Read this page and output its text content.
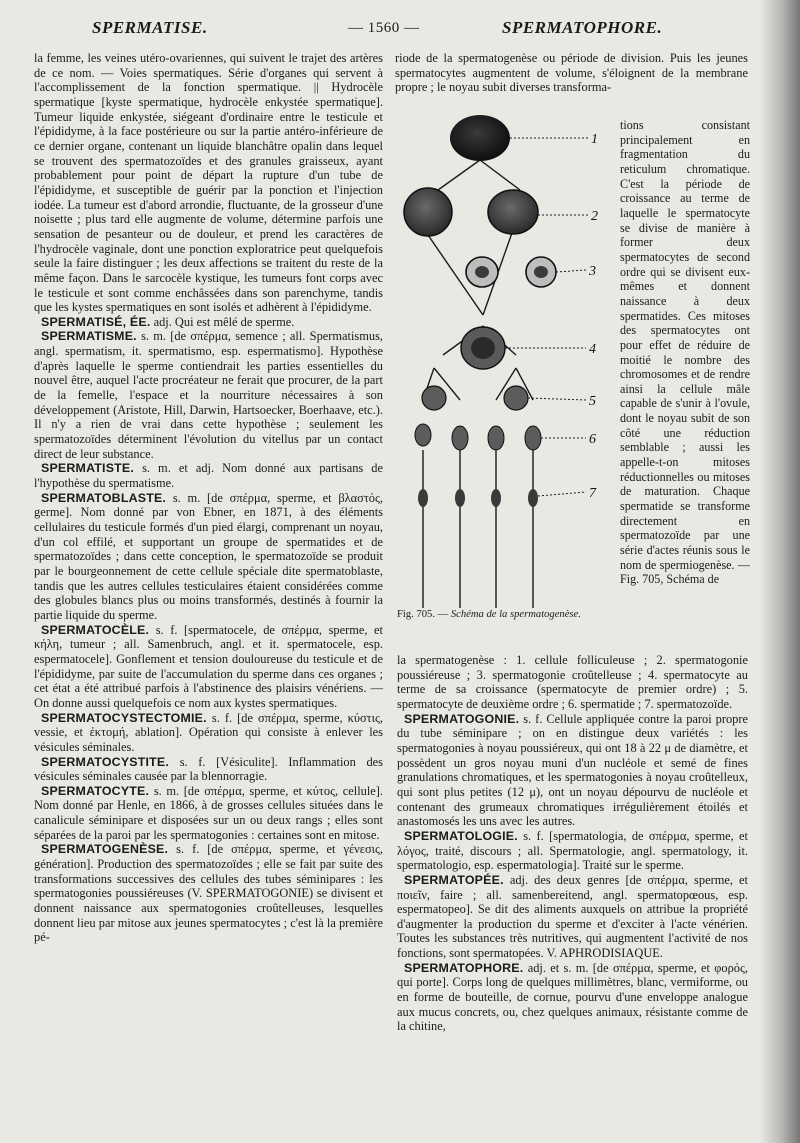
SPERMATISE.	— 1560 —	SPERMATOPHORE.

la femme, les veines utéro-ovariennes, qui suivent le trajet des artères de ce nom. — Voies spermatiques. Série d'organes qui servent à l'accomplissement de la fonction spermatique. || Hydrocèle spermatique [kyste spermatique, hydrocèle enkystée spermatique]. Tumeur liquide enkystée, siégeant d'ordinaire entre le testicule et l'épididyme, à la face postérieure ou sur la partie antéro-inférieure de ce dernier organe, contenant un liquide blanchâtre opalin dans lequel se trouvent des spermatozoïdes et des granules graisseux, ayant probablement pour point de départ la rupture d'un tube de l'épididyme, et susceptible de guérir par la ponction et l'injection iodée. La tumeur est d'abord arrondie, fluctuante, de la grosseur d'une noisette ; plus tard elle augmente de volume, détermine parfois une sensation de pesanteur ou de douleur, et prend les caractères de l'hydrocèle vaginale, dont une ponction exploratrice peut quelquefois seule la faire distinguer ; les deux affections se traitent du reste de la même façon. Dans le sarcocèle kystique, les tumeurs font corps avec le testicule et sont comme enchâssées dans son parenchyme, tandis que les kystes spermatiques en sont isolés et adhèrent à l'épididyme.

SPERMATISÉ, ÉE. adj. Qui est mêlé de sperme.

SPERMATISME. s. m. [de σπέρμα, semence ; all. Spermatismus, angl. spermatism, it. spermatismo, esp. espermatismo]. Hypothèse d'après laquelle le sperme contiendrait les parties essentielles du nouvel être, auquel l'acte procréateur ne ferait que procurer, de la part de la femelle, l'espace et la nourriture nécessaires à son développement (Aristote, Hill, Darwin, Hartsoecker, Boerhaave, etc.). Il n'y a rien de vrai dans cette hypothèse ; seulement les spermatozoïdes déterminent l'évolution du vitellus par un contact direct de leur substance.

SPERMATISTE. s. m. et adj. Nom donné aux partisans de l'hypothèse du spermatisme.

SPERMATOBLASTE. s. m. [de σπέρμα, sperme, et βλαστός, germe]. Nom donné par von Ebner, en 1871, à des éléments cellulaires du testicule formés d'un pied élargi, comprenant un noyau, d'un col effilé, et supportant un groupe de spermatides et de spermatozoïdes ; dans cette conception, le spermatozoïde se produit par le bourgeonnement de cette cellule spéciale dite spermatoblaste, tandis que les autres cellules testiculaires étaient considérées comme des globules blancs plus ou moins transformés, destinés à fournir la partie liquide du sperme.

SPERMATOCÈLE. s. f. [spermatocele, de σπέρμα, sperme, et κήλη, tumeur ; all. Samenbruch, angl. et it. spermatocele, esp. espermatocele]. Gonflement et tension douloureuse du testicule et de l'épididyme, par suite de l'accumulation du sperme dans ces organes ; cet état a été attribué parfois à l'abstinence des plaisirs vénériens. — On donne aussi quelquefois ce nom aux kystes spermatiques.

SPERMATOCYSTECTOMIE. s. f. [de σπέρμα, sperme, κύστις, vessie, et ἐκτομή, ablation]. Opération qui consiste à enlever les vésicules séminales.

SPERMATOCYSTITE. s. f. [Vésiculite]. Inflammation des vésicules séminales causée par la blennorragie.

SPERMATOCYTE. s. m. [de σπέρμα, sperme, et κύτος, cellule]. Nom donné par Henle, en 1866, à de grosses cellules situées dans le canalicule séminipare et disposées sur un ou deux rangs ; elles sont séparées de la paroi par les spermatogonies : certaines sont en mitose.

SPERMATOGENÈSE. s. f. [de σπέρμα, sperme, et γένεσις, génération]. Production des spermatozoïdes ; elle se fait par suite des transformations successives des cellules des tubes séminipares : les spermatogonies poussiéreuses (V. SPERMATOGONIE) se divisent et donnent naissance aux spermatogonies croûtelleuses, lesquelles donnent lieu par mitose aux jeunes spermatocytes ; c'est là la première pé-

riode de la spermatogenèse ou période de division. Puis les jeunes spermatocytes augmentent de volume, s'éloignent de la membrane propre ; le noyau subit diverses transforma-

tions consistant principalement en fragmentation du reticulum chromatique. C'est la période de croissance au terme de laquelle le spermatocyte se divise de manière à former deux spermatocytes de second ordre qui se divisent eux-mêmes et donnent naissance à deux spermatides. Ces mitoses des spermatocytes ont pour effet de réduire de moitié le nombre des chromosomes et de rendre ainsi la cellule mâle capable de s'unir à l'ovule, dont le noyau subit de son côté une réduction semblable ; aussi les appelle-t-on mitoses réductionnelles ou mitoses de maturation. Chaque spermatide se transforme directement en spermatozoïde par une série d'actes réunis sous le nom de spermiogenèse. — Fig. 705, Schéma de

1
2
3
4
5
6
7
Fig. 705. — Schéma de la spermatogenèse.

la spermatogenèse : 1. cellule folliculeuse ; 2. spermatogonie poussiéreuse ; 3. spermatogonie croûtelleuse ; 4. spermatocyte au terme de sa croissance (spermatocyte de premier ordre) ; 5. spermatocyte de deuxième ordre ; 6. spermatide ; 7. spermatozoïde.

SPERMATOGONIE. s. f. Cellule appliquée contre la paroi propre du tube séminipare ; on en distingue deux variétés : les spermatogonies à noyau poussiéreux, qui ont 18 à 22 μ de diamètre, et possèdent un gros noyau muni d'un nucléole et semé de fines granulations chromatiques, et les spermatogonies à noyau croûtelleux, qui sont plus petites (12 μ), ont un noyau dépourvu de nucléole et contenant des grumeaux chromatiques irrégulièrement étoilés et anastomosés les uns avec les autres.

SPERMATOLOGIE. s. f. [spermatologia, de σπέρμα, sperme, et λόγος, traité, discours ; all. Spermatologie, angl. spermatology, it. spermatologio, esp. espermatologia]. Traité sur le sperme.

SPERMATOPÉE. adj. des deux genres [de σπέρμα, sperme, et ποιεῖν, faire ; all. samenbereitend, angl. spermatopœous, esp. espermatopeo]. Se dit des aliments auxquels on attribue la propriété d'augmenter la production du sperme et d'exciter à l'acte vénérien. Toutes les substances très nutritives, qui augmentent l'activité de nos fonctions, sont spermatopées. V. APHRODISIAQUE.

SPERMATOPHORE. adj. et s. m. [de σπέρμα, sperme, et φορός, qui porte]. Corps long de quelques millimètres, blanc, vermiforme, ou en forme de bouteille, de cornue, pourvu d'une enveloppe analogue aux mucus concrets, ou, chez quelques animaux, résistante comme de la chitine,
